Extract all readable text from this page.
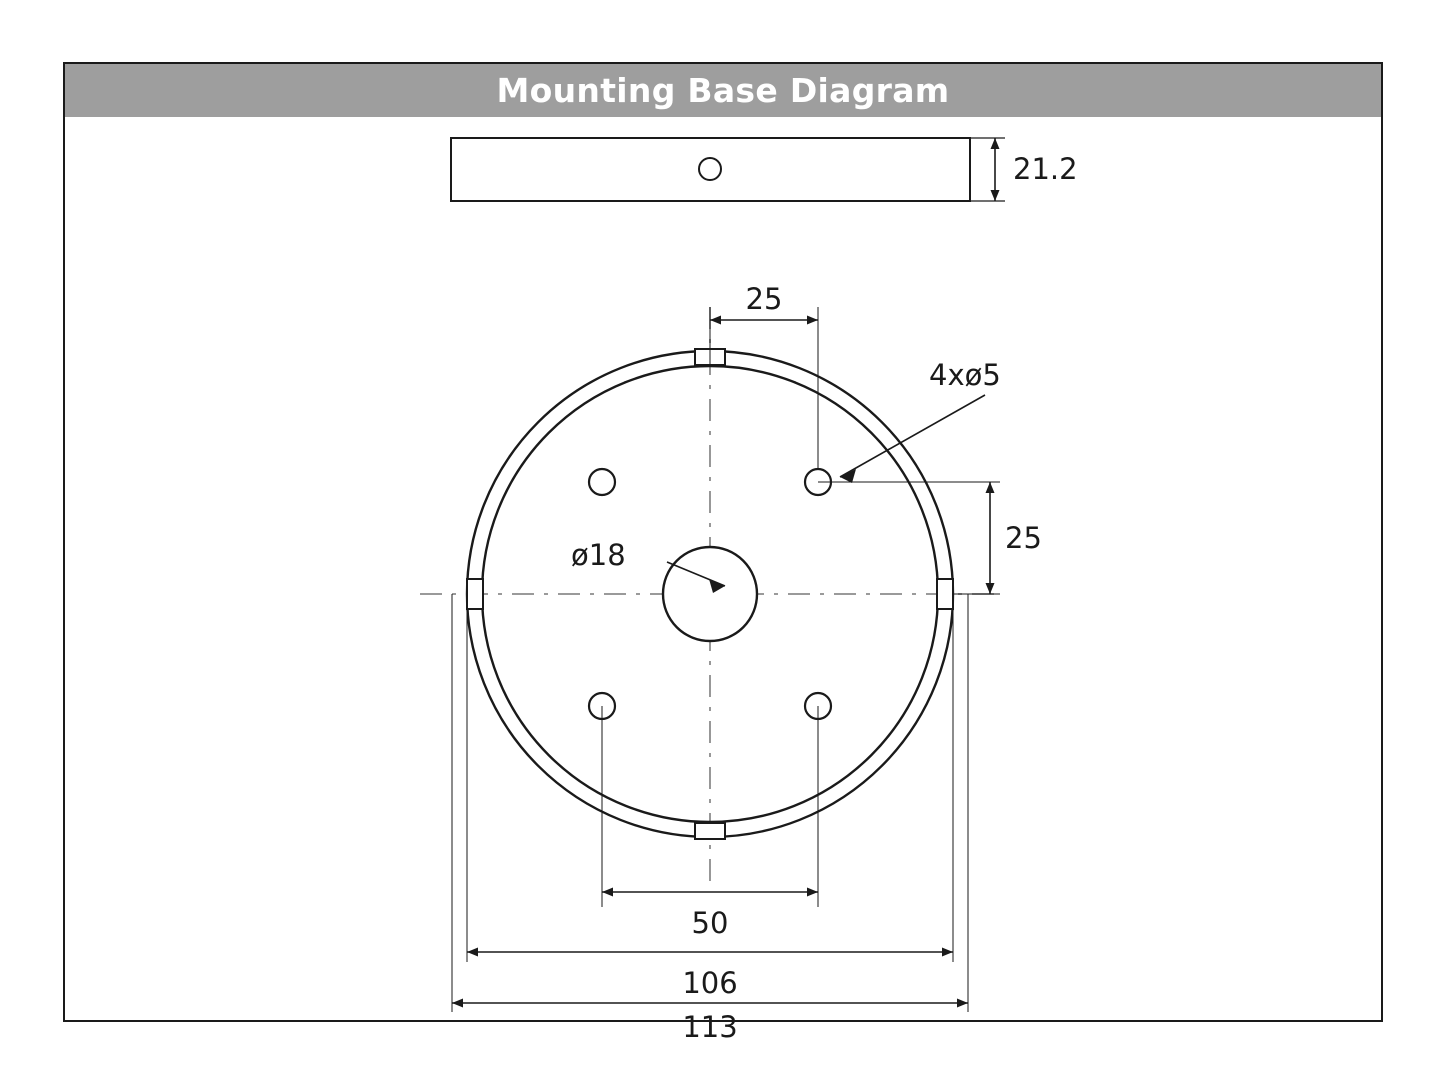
Mounting Base Diagram
21.2
25
25
4xø5
ø18
50
106
113
